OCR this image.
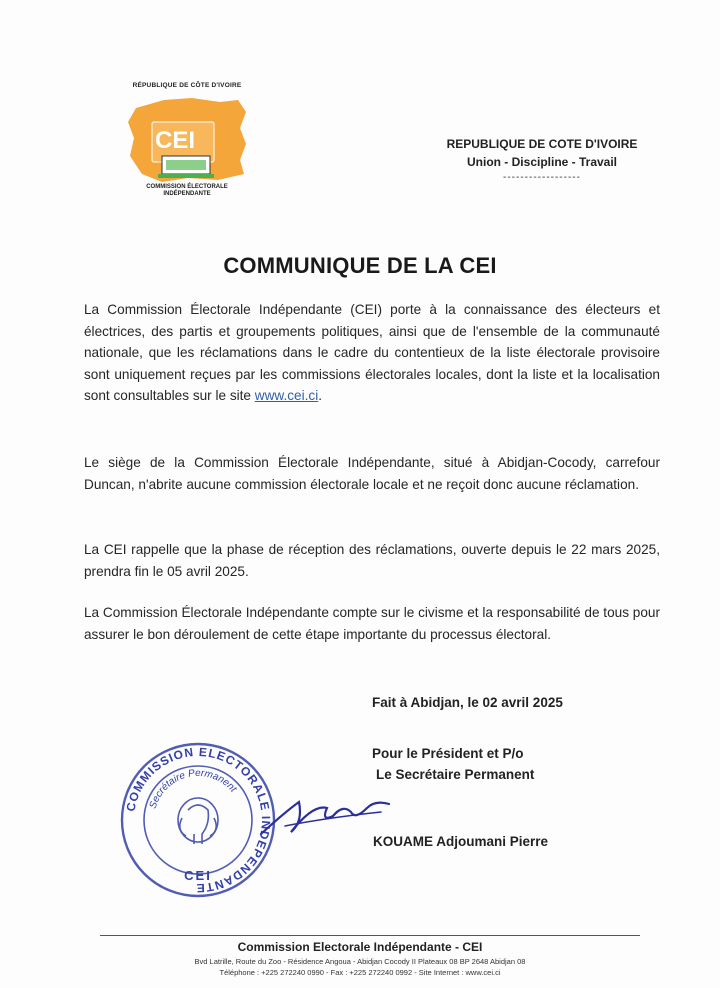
RÉPUBLIQUE DE CÔTE D'IVOIRE
CEI
COMMISSION ÉLECTORALE
INDÉPENDANTE
REPUBLIQUE DE COTE D'IVOIRE
Union - Discipline - Travail
------------------
COMMUNIQUE DE LA CEI

La Commission Électorale Indépendante (CEI) porte à la connaissance des électeurs et électrices, des partis et groupements politiques, ainsi que de l'ensemble de la communauté nationale, que les réclamations dans le cadre du contentieux de la liste électorale provisoire sont uniquement reçues par les commissions électorales locales, dont la liste et la localisation sont consultables sur le site www.cei.ci.

Le siège de la Commission Électorale Indépendante, situé à Abidjan-Cocody, carrefour Duncan, n'abrite aucune commission électorale locale et ne reçoit donc aucune réclamation.

La CEI rappelle que la phase de réception des réclamations, ouverte depuis le 22 mars 2025, prendra fin le 05 avril 2025.

La Commission Électorale Indépendante compte sur le civisme et la responsabilité de tous pour assurer le bon déroulement de cette étape importante du processus électoral.

Fait à Abidjan, le 02 avril 2025
Pour le Président et P/o
Le Secrétaire Permanent
KOUAME Adjoumani Pierre
COMMISSION ELECTORALE INDEPENDANTE
Secrétaire Permanent
CEI
Commission Electorale Indépendante - CEI
Bvd Latrille, Route du Zoo - Résidence Angoua - Abidjan Cocody II Plateaux 08 BP 2648 Abidjan 08
Téléphone : +225 272240 0990 - Fax : +225 272240 0992 - Site Internet : www.cei.ci
